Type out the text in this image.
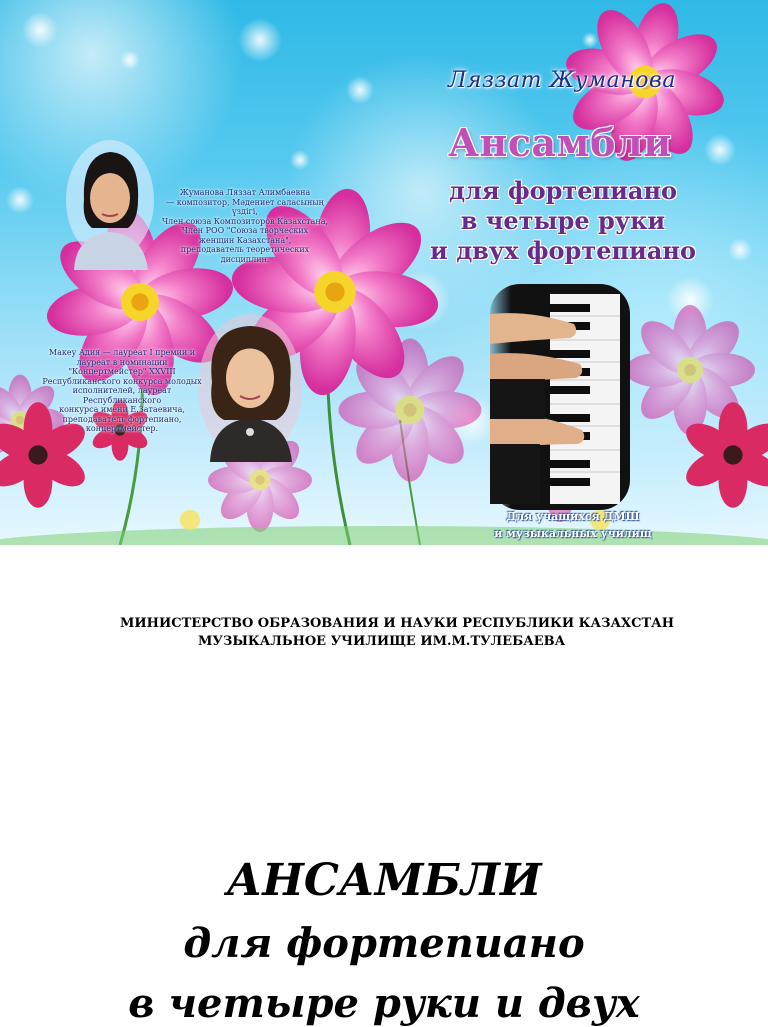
Ляззат Жуманова
Ансамбли
для фортепиано
в четыре руки
и двух фортепиано
Жуманова Ляззат Алимбаевна
— композитор, Мәдениет саласының үздігі,
Член союза Композиторов Казахстана,
Член РОО "Союза творческих
женщин Казахстана",
преподаватель теоретических дисциплин.
Макеу Адия — лауреат I премии и
лауреат в номинации
"Концертмейстер" XXVIII
Республиканского конкурса молодых
исполнителей, лауреат Республиканского
конкурса имени Е.Затаевича,
преподаватель фортепиано,
концертмейстер.
Для учащихся ДМШ
и музыкальных училищ
МИНИСТЕРСТВО ОБРАЗОВАНИЯ И НАУКИ РЕСПУБЛИКИ КАЗАХСТАН
МУЗЫКАЛЬНОЕ УЧИЛИЩЕ ИМ.М.ТУЛЕБАЕВА
АНСАМБЛИ
для фортепиано
в четыре руки и двух
